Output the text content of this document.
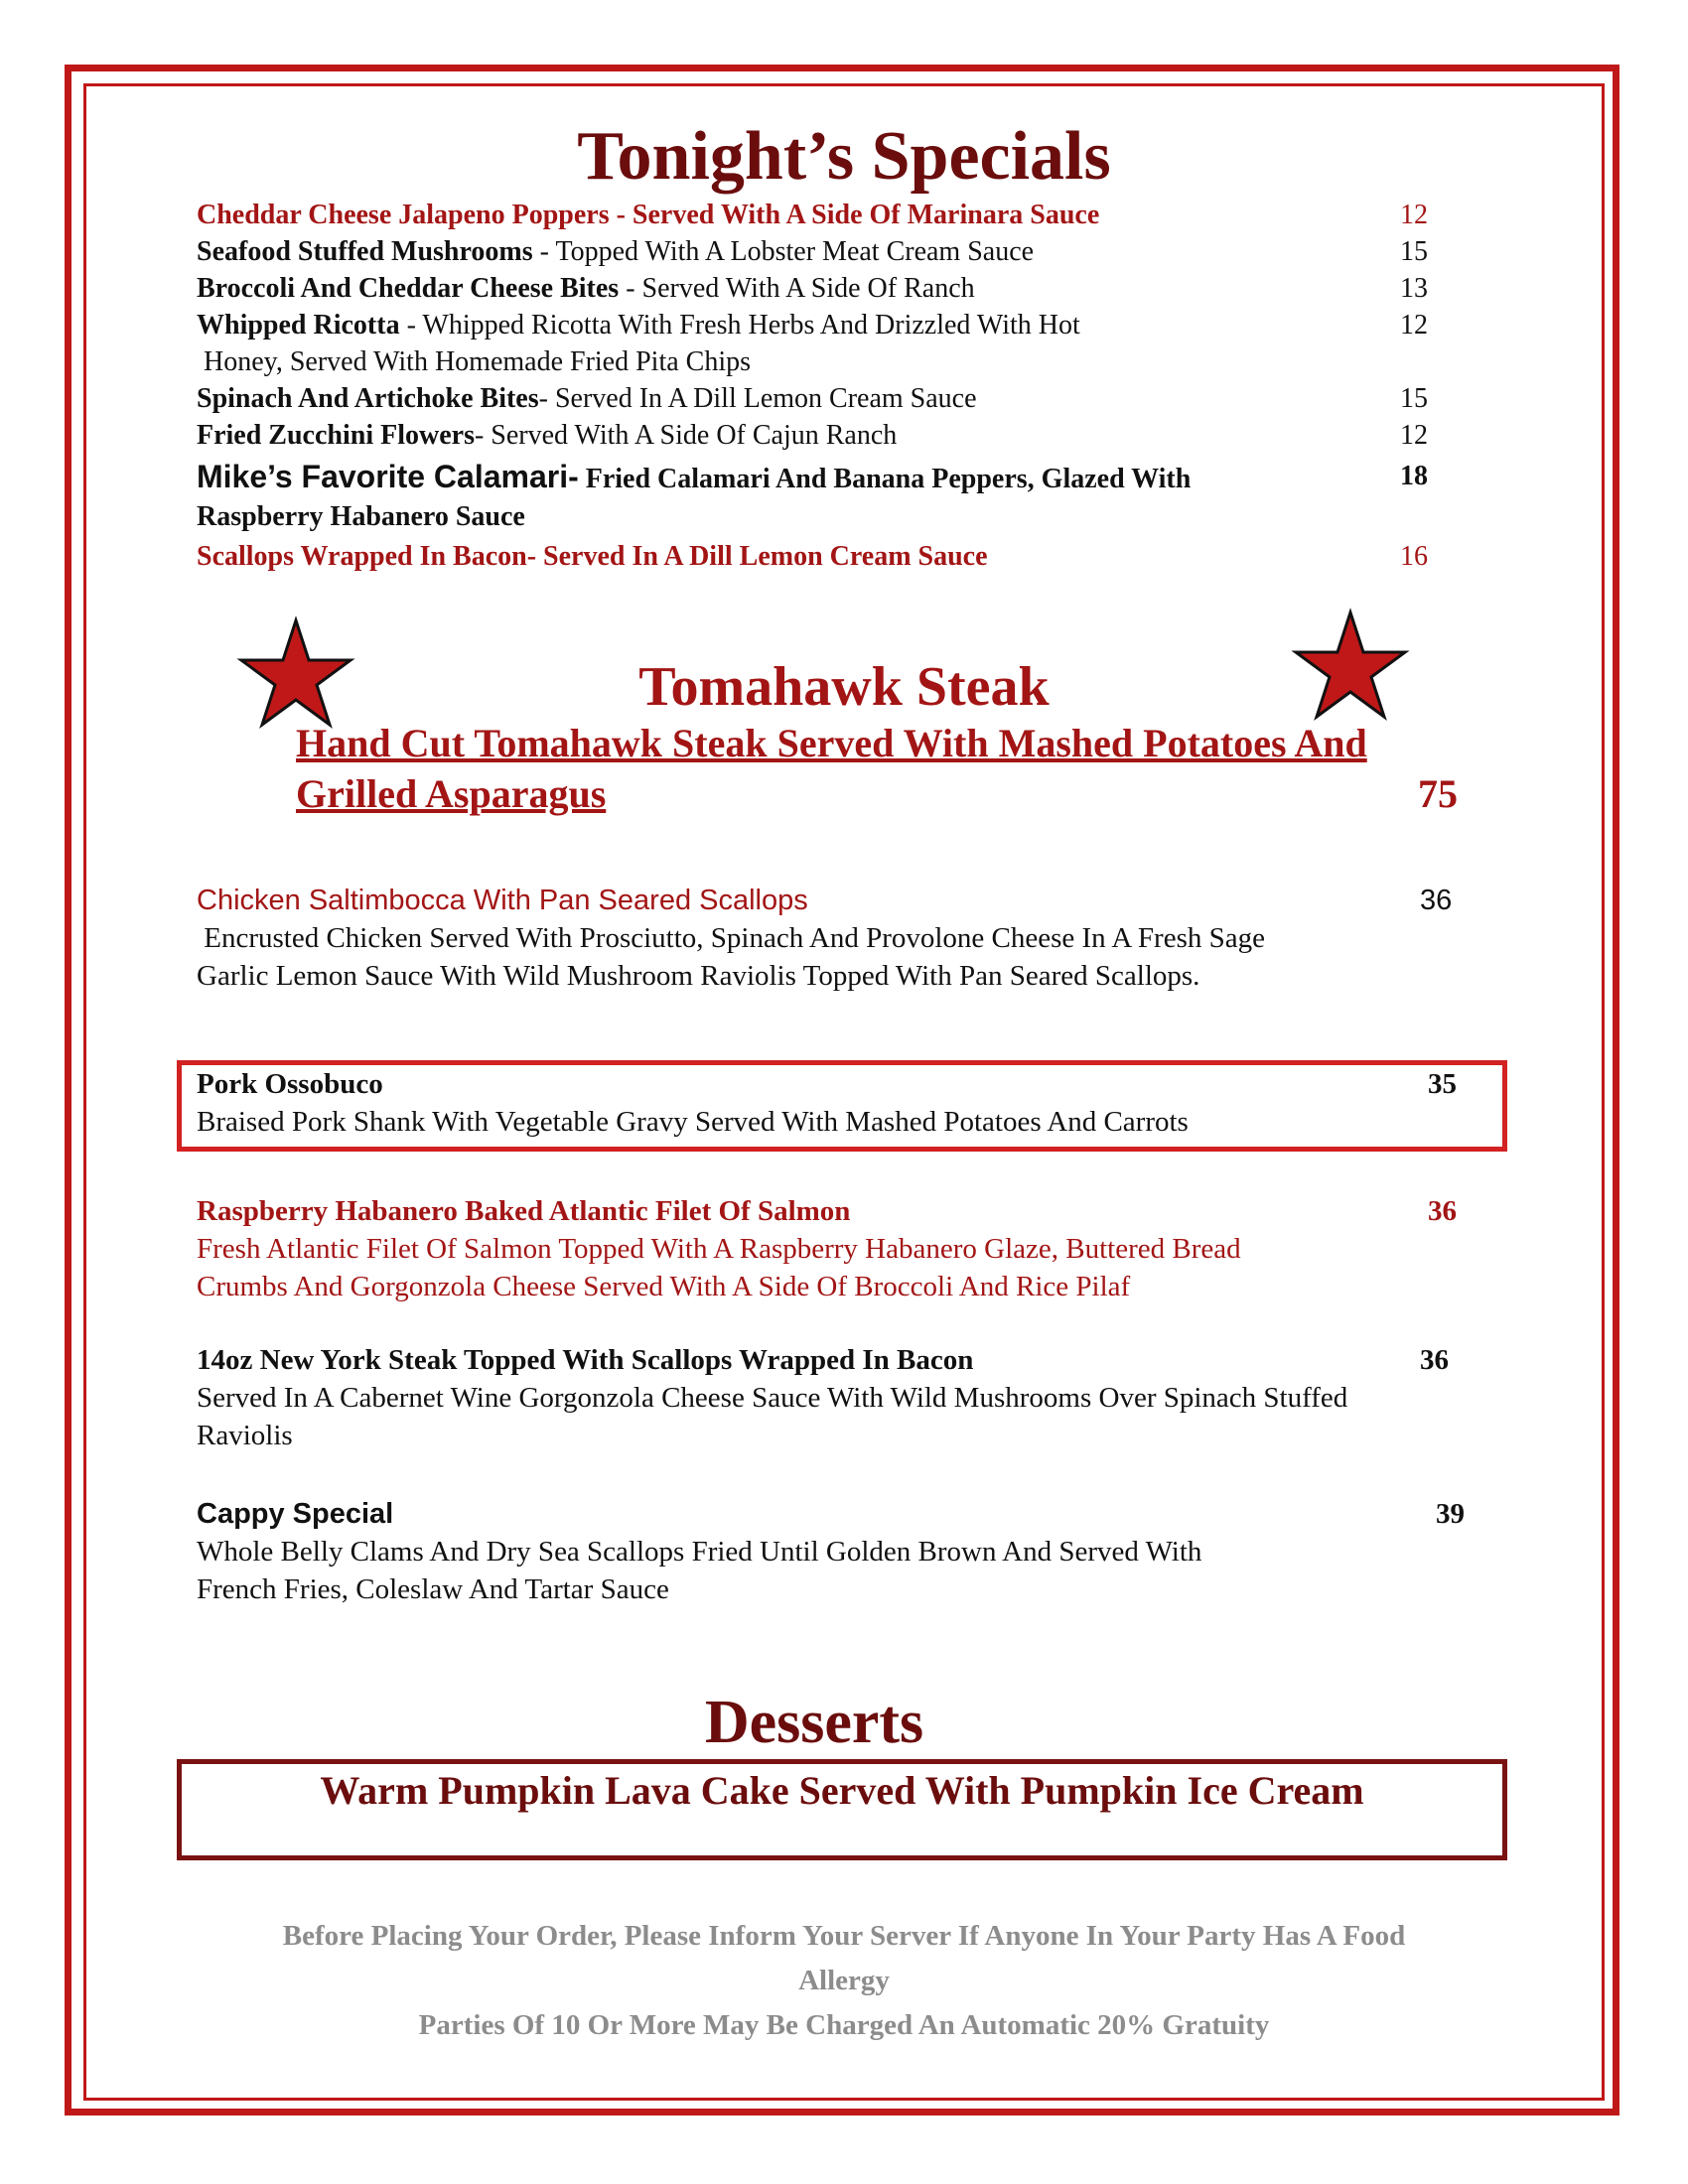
Tonight’s Specials
Cheddar Cheese Jalapeno Poppers - Served With A Side Of Marinara Sauce	12
Seafood Stuffed Mushrooms - Topped With A Lobster Meat Cream Sauce	15
Broccoli And Cheddar Cheese Bites - Served With A Side Of Ranch	13
Whipped Ricotta - Whipped Ricotta With Fresh Herbs And Drizzled With Hot	12
Honey, Served With Homemade Fried Pita Chips
Spinach And Artichoke Bites- Served In A Dill Lemon Cream Sauce	15
Fried Zucchini Flowers- Served With A Side Of Cajun Ranch	12
Mike’s Favorite Calamari- Fried Calamari And Banana Peppers, Glazed With	18
Raspberry Habanero Sauce
Scallops Wrapped In Bacon- Served In A Dill Lemon Cream Sauce	16
Tomahawk Steak
Hand Cut Tomahawk Steak Served With Mashed Potatoes And
Grilled Asparagus	75
Chicken Saltimbocca With Pan Seared Scallops	36
Encrusted Chicken Served With Prosciutto, Spinach And Provolone Cheese In A Fresh Sage
Garlic Lemon Sauce With Wild Mushroom Raviolis Topped With Pan Seared Scallops.
Pork Ossobuco	35
Braised Pork Shank With Vegetable Gravy Served With Mashed Potatoes And Carrots
Raspberry Habanero Baked Atlantic Filet Of Salmon	36
Fresh Atlantic Filet Of Salmon Topped With A Raspberry Habanero Glaze, Buttered Bread
Crumbs And Gorgonzola Cheese Served With A Side Of Broccoli And Rice Pilaf
14oz New York Steak Topped With Scallops Wrapped In Bacon	36
Served In A Cabernet Wine Gorgonzola Cheese Sauce With Wild Mushrooms Over Spinach Stuffed
Raviolis
Cappy Special	39
Whole Belly Clams And Dry Sea Scallops Fried Until Golden Brown And Served With
French Fries, Coleslaw And Tartar Sauce
Desserts
Warm Pumpkin Lava Cake Served With Pumpkin Ice Cream
Before Placing Your Order, Please Inform Your Server If Anyone In Your Party Has A Food
Allergy
Parties Of 10 Or More May Be Charged An Automatic 20% Gratuity
